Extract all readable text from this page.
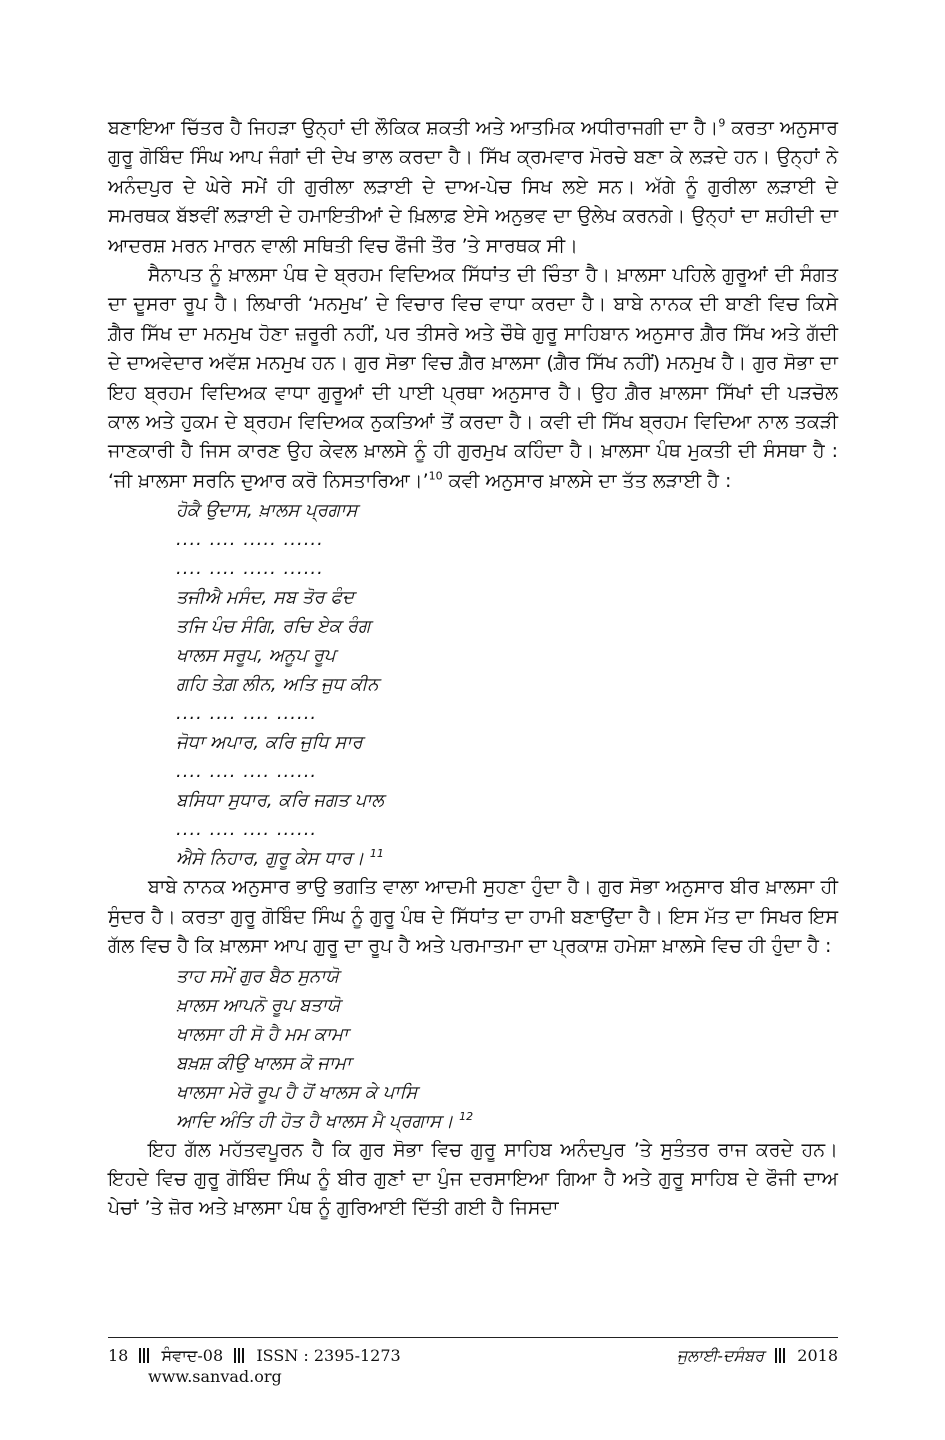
ਬਣਾਇਆ ਚਿੱਤਰ ਹੈ ਜਿਹੜਾ ਉਨ੍ਹਾਂ ਦੀ ਲੌਕਿਕ ਸ਼ਕਤੀ ਅਤੇ ਆਤਮਿਕ ਅਧੀਰਾਜਗੀ ਦਾ ਹੈ।$^9$ ਕਰਤਾ ਅਨੁਸਾਰ ਗੁਰੂ ਗੋਬਿੰਦ ਸਿੰਘ ਆਪ ਜੰਗਾਂ ਦੀ ਦੇਖ ਭਾਲ ਕਰਦਾ ਹੈ। ਸਿੱਖ ਕ੍ਰਮਵਾਰ ਮੋਰਚੇ ਬਣਾ ਕੇ ਲੜਦੇ ਹਨ। ਉਨ੍ਹਾਂ ਨੇ ਅਨੰਦਪੁਰ ਦੇ ਘੇਰੇ ਸਮੇਂ ਹੀ ਗੁਰੀਲਾ ਲੜਾਈ ਦੇ ਦਾਅ-ਪੇਚ ਸਿਖ ਲਏ ਸਨ। ਅੱਗੇ ਨੂੰ ਗੁਰੀਲਾ ਲੜਾਈ ਦੇ ਸਮਰਥਕ ਬੱਝਵੀਂ ਲੜਾਈ ਦੇ ਹਮਾਇਤੀਆਂ ਦੇ ਖ਼ਿਲਾਫ਼ ਏਸੇ ਅਨੁਭਵ ਦਾ ਉਲੇਖ ਕਰਨਗੇ। ਉਨ੍ਹਾਂ ਦਾ ਸ਼ਹੀਦੀ ਦਾ ਆਦਰਸ਼ ਮਰਨ ਮਾਰਨ ਵਾਲੀ ਸਥਿਤੀ ਵਿਚ ਫੌਜੀ ਤੌਰ ’ਤੇ ਸਾਰਥਕ ਸੀ।

ਸੈਨਾਪਤ ਨੂੰ ਖ਼ਾਲਸਾ ਪੰਥ ਦੇ ਬ੍ਰਹਮ ਵਿਦਿਅਕ ਸਿੱਧਾਂਤ ਦੀ ਚਿੰਤਾ ਹੈ। ਖ਼ਾਲਸਾ ਪਹਿਲੇ ਗੁਰੂਆਂ ਦੀ ਸੰਗਤ ਦਾ ਦੂਸਰਾ ਰੂਪ ਹੈ। ਲਿਖਾਰੀ ‘ਮਨਮੁਖ’ ਦੇ ਵਿਚਾਰ ਵਿਚ ਵਾਧਾ ਕਰਦਾ ਹੈ। ਬਾਬੇ ਨਾਨਕ ਦੀ ਬਾਣੀ ਵਿਚ ਕਿਸੇ ਗ਼ੈਰ ਸਿੱਖ ਦਾ ਮਨਮੁਖ ਹੋਣਾ ਜ਼ਰੂਰੀ ਨਹੀਂ, ਪਰ ਤੀਸਰੇ ਅਤੇ ਚੌਥੇ ਗੁਰੂ ਸਾਹਿਬਾਨ ਅਨੁਸਾਰ ਗ਼ੈਰ ਸਿੱਖ ਅਤੇ ਗੱਦੀ ਦੇ ਦਾਅਵੇਦਾਰ ਅਵੱਸ਼ ਮਨਮੁਖ ਹਨ। ਗੁਰ ਸੋਭਾ ਵਿਚ ਗ਼ੈਰ ਖ਼ਾਲਸਾ (ਗ਼ੈਰ ਸਿੱਖ ਨਹੀਂ) ਮਨਮੁਖ ਹੈ। ਗੁਰ ਸੋਭਾ ਦਾ ਇਹ ਬ੍ਰਹਮ ਵਿਦਿਅਕ ਵਾਧਾ ਗੁਰੂਆਂ ਦੀ ਪਾਈ ਪ੍ਰਥਾ ਅਨੁਸਾਰ ਹੈ। ਉਹ ਗ਼ੈਰ ਖ਼ਾਲਸਾ ਸਿੱਖਾਂ ਦੀ ਪੜਚੋਲ ਕਾਲ ਅਤੇ ਹੁਕਮ ਦੇ ਬ੍ਰਹਮ ਵਿਦਿਅਕ ਨੁਕਤਿਆਂ ਤੋਂ ਕਰਦਾ ਹੈ। ਕਵੀ ਦੀ ਸਿੱਖ ਬ੍ਰਹਮ ਵਿਦਿਆ ਨਾਲ ਤਕੜੀ ਜਾਣਕਾਰੀ ਹੈ ਜਿਸ ਕਾਰਣ ਉਹ ਕੇਵਲ ਖ਼ਾਲਸੇ ਨੂੰ ਹੀ ਗੁਰਮੁਖ ਕਹਿੰਦਾ ਹੈ। ਖ਼ਾਲਸਾ ਪੰਥ ਮੁਕਤੀ ਦੀ ਸੰਸਥਾ ਹੈ : ‘ਜੀ ਖ਼ਾਲਸਾ ਸਰਨਿ ਦੁਆਰ ਕਰੋ ਨਿਸਤਾਰਿਆ।’$^{10}$ ਕਵੀ ਅਨੁਸਾਰ ਖ਼ਾਲਸੇ ਦਾ ਤੱਤ ਲੜਾਈ ਹੈ :

ਹੋਕੈ ਉਦਾਸ, ਖ਼ਾਲਸ ਪ੍ਰਗਾਸ
.... .... ..... ......
.... .... ..... ......
ਤਜੀਐ ਮਸੰਦ, ਸਬ ਤੋਰ ਫੰਦ
ਤਜਿ ਪੰਚ ਸੰਗਿ, ਰਚਿ ਏਕ ਰੰਗ
ਖਾਲਸ ਸਰੂਪ, ਅਨੂਪ ਰੂਪ
ਗਹਿ ਤੇਗ਼ ਲੀਨ, ਅਤਿ ਜੁਧ ਕੀਨ
.... .... .... ......
ਜੋਧਾ ਅਪਾਰ, ਕਰਿ ਜੁਧਿ ਸਾਰ
.... .... .... ......
ਬਸਿਧਾ ਸੁਧਾਰ, ਕਰਿ ਜਗਤ ਪਾਲ
.... .... .... ......
ਐਸੇ ਨਿਹਾਰ, ਗੁਰੂ ਕੇਸ ਧਾਰ। $^{11}$

ਬਾਬੇ ਨਾਨਕ ਅਨੁਸਾਰ ਭਾਉ ਭਗਤਿ ਵਾਲਾ ਆਦਮੀ ਸੁਹਣਾ ਹੁੰਦਾ ਹੈ। ਗੁਰ ਸੋਭਾ ਅਨੁਸਾਰ ਬੀਰ ਖ਼ਾਲਸਾ ਹੀ ਸੁੰਦਰ ਹੈ। ਕਰਤਾ ਗੁਰੂ ਗੋਬਿੰਦ ਸਿੰਘ ਨੂੰ ਗੁਰੂ ਪੰਥ ਦੇ ਸਿੱਧਾਂਤ ਦਾ ਹਾਮੀ ਬਣਾਉਂਦਾ ਹੈ। ਇਸ ਮੱਤ ਦਾ ਸਿਖਰ ਇਸ ਗੱਲ ਵਿਚ ਹੈ ਕਿ ਖ਼ਾਲਸਾ ਆਪ ਗੁਰੂ ਦਾ ਰੂਪ ਹੈ ਅਤੇ ਪਰਮਾਤਮਾ ਦਾ ਪ੍ਰਕਾਸ਼ ਹਮੇਸ਼ਾ ਖ਼ਾਲਸੇ ਵਿਚ ਹੀ ਹੁੰਦਾ ਹੈ :

ਤਾਹ ਸਮੇਂ ਗੁਰ ਬੈਠ ਸੁਨਾਯੋ
ਖ਼ਾਲਸ ਆਪਨੋ ਰੂਪ ਬਤਾਯੋ
ਖਾਲਸਾ ਹੀ ਸੋ ਹੈ ਮਮ ਕਾਮਾ
ਬਖ਼ਸ਼ ਕੀਉ ਖਾਲਸ ਕੋ ਜਾਮਾ
ਖਾਲਸਾ ਮੇਰੋ ਰੂਪ ਹੈ ਹੋਂ ਖਾਲਸ ਕੇ ਪਾਸਿ
ਆਦਿ ਅੰਤਿ ਹੀ ਹੋਤ ਹੈ ਖਾਲਸ ਮੈ ਪ੍ਰਗਾਸ। $^{12}$

ਇਹ ਗੱਲ ਮਹੱਤਵਪੂਰਨ ਹੈ ਕਿ ਗੁਰ ਸੋਭਾ ਵਿਚ ਗੁਰੂ ਸਾਹਿਬ ਅਨੰਦਪੁਰ ’ਤੇ ਸੁਤੰਤਰ ਰਾਜ ਕਰਦੇ ਹਨ। ਇਹਦੇ ਵਿਚ ਗੁਰੂ ਗੋਬਿੰਦ ਸਿੰਘ ਨੂੰ ਬੀਰ ਗੁਣਾਂ ਦਾ ਪੁੰਜ ਦਰਸਾਇਆ ਗਿਆ ਹੈ ਅਤੇ ਗੁਰੂ ਸਾਹਿਬ ਦੇ ਫੌਜੀ ਦਾਅ ਪੇਚਾਂ ’ਤੇ ਜ਼ੋਰ ਅਤੇ ਖ਼ਾਲਸਾ ਪੰਥ ਨੂੰ ਗੁਰਿਆਈ ਦਿੱਤੀ ਗਈ ਹੈ ਜਿਸਦਾ

18 ਸੰਵਾਦ-08 ISSN : 2395-1273
www.sanvad.org
ਜੁਲਾਈ-ਦਸੰਬਰ 2018
